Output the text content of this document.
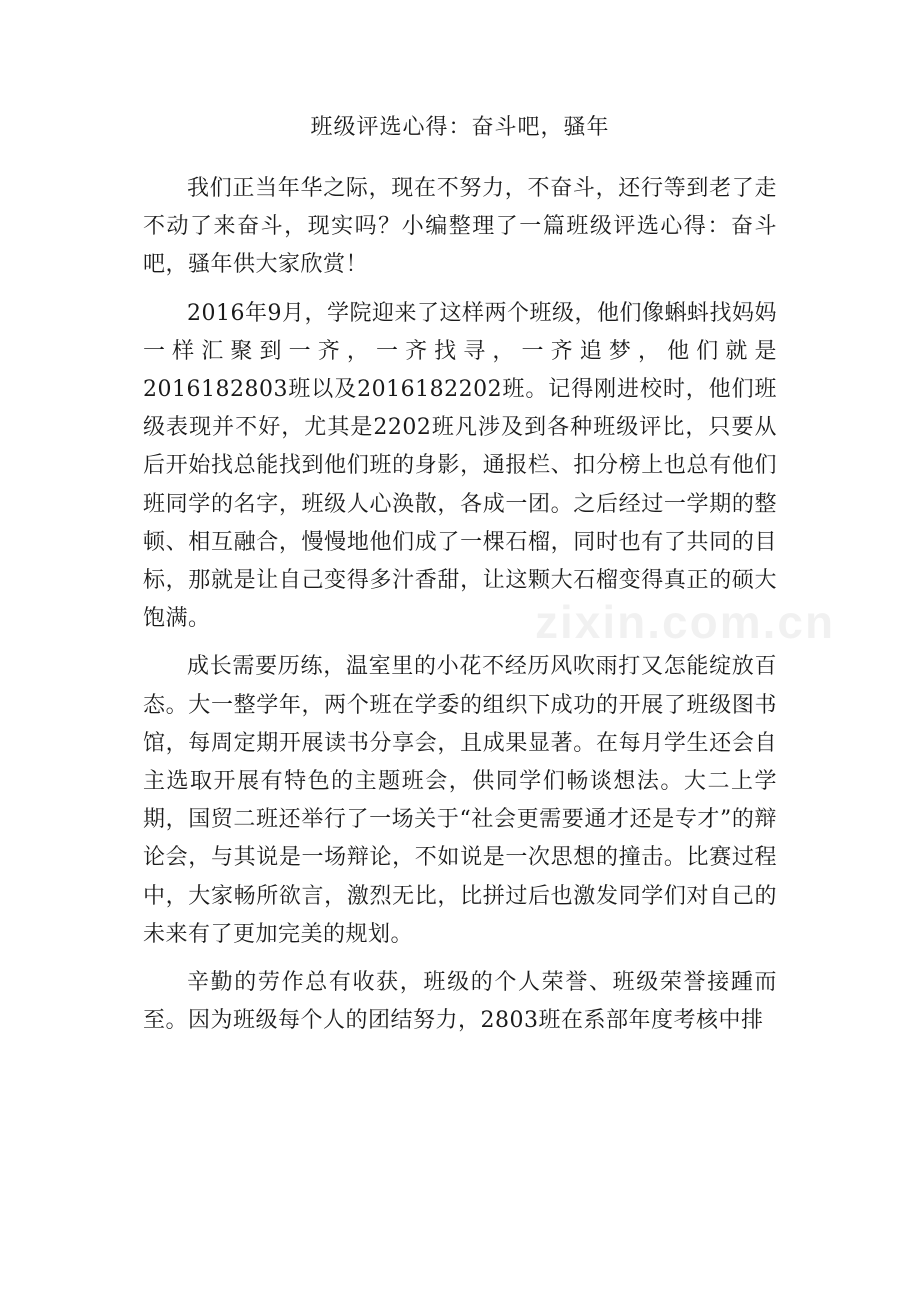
班级评选心得：奋斗吧，骚年

我们正当年华之际，现在不努力，不奋斗，还行等到老了走不动了来奋斗，现实吗？小编整理了一篇班级评选心得：奋斗吧，骚年供大家欣赏！

2016年9月，学院迎来了这样两个班级，他们像蝌蚪找妈妈一样汇聚到一齐，一齐找寻，一齐追梦，他们就是2016182803班以及2016182202班。记得刚进校时，他们班级表现并不好，尤其是2202班凡涉及到各种班级评比，只要从后开始找总能找到他们班的身影，通报栏、扣分榜上也总有他们班同学的名字，班级人心涣散，各成一团。之后经过一学期的整顿、相互融合，慢慢地他们成了一棵石榴，同时也有了共同的目标，那就是让自己变得多汁香甜，让这颗大石榴变得真正的硕大饱满。

成长需要历练，温室里的小花不经历风吹雨打又怎能绽放百态。大一整学年，两个班在学委的组织下成功的开展了班级图书馆，每周定期开展读书分享会，且成果显著。在每月学生还会自主选取开展有特色的主题班会，供同学们畅谈想法。大二上学期，国贸二班还举行了一场关于“社会更需要通才还是专才”的辩论会，与其说是一场辩论，不如说是一次思想的撞击。比赛过程中，大家畅所欲言，激烈无比，比拼过后也激发同学们对自己的未来有了更加完美的规划。

辛勤的劳作总有收获，班级的个人荣誉、班级荣誉接踵而至。因为班级每个人的团结努力，2803班在系部年度考核中排

zixin.com.cn
